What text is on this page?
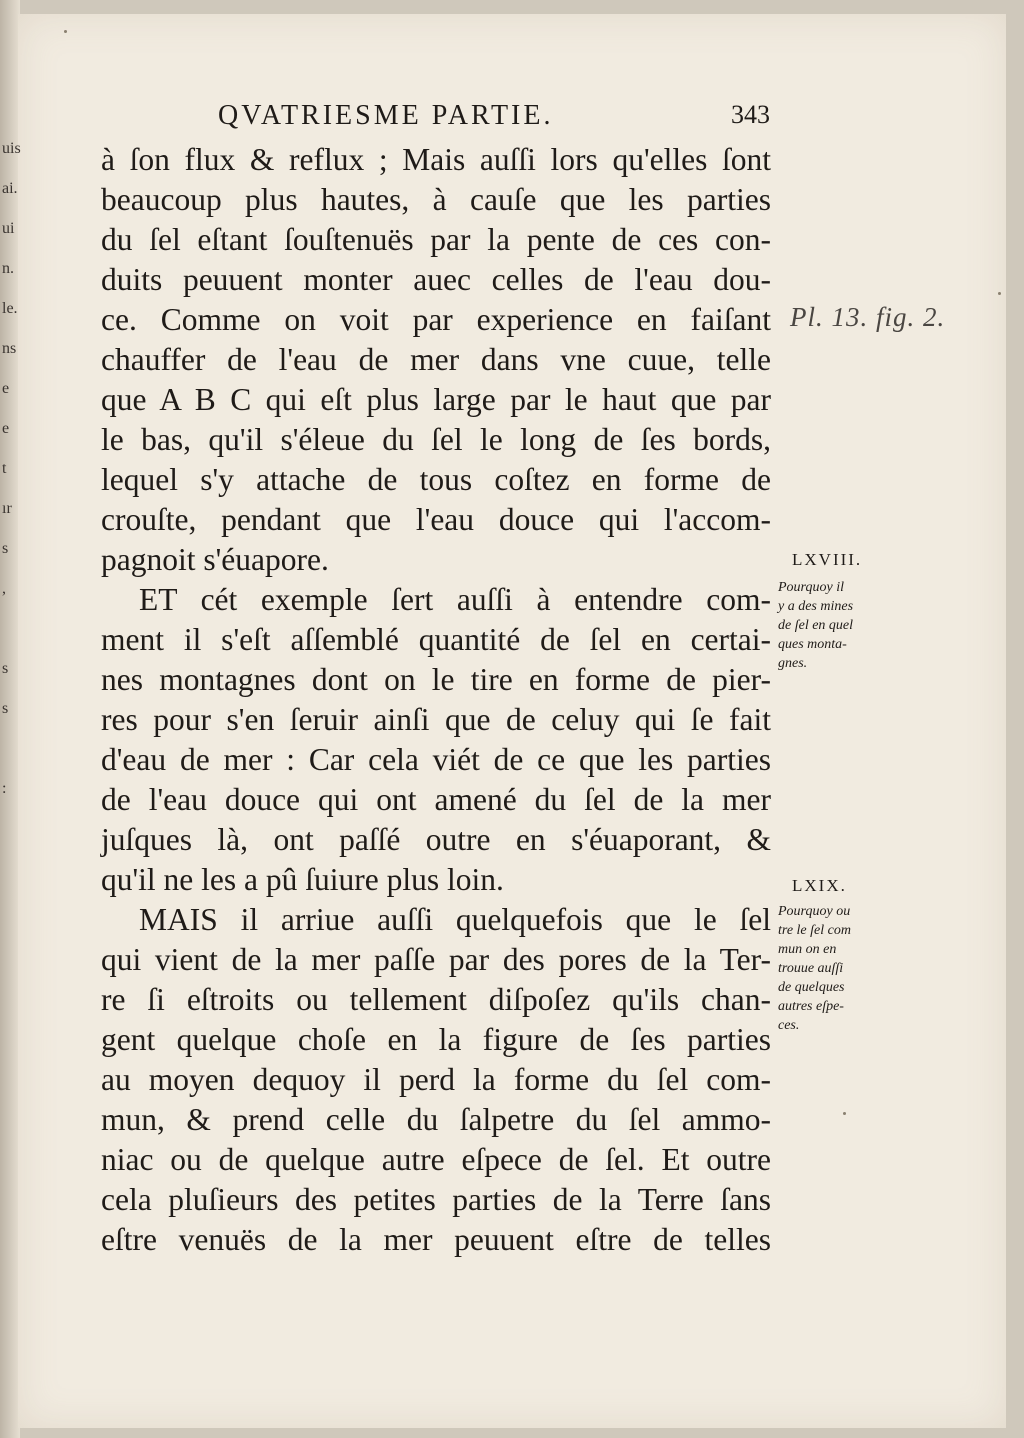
uis
ai.
ui
n.
le.
ns
e
e
t
ır
s
,
s
s
:
QVATRIESME PARTIE.	343
à ſon flux & reflux ; Mais auſſi lors qu'elles ſont
beaucoup plus hautes, à cauſe que les parties
du ſel eſtant ſouſtenuës par la pente de ces con-
duits peuuent monter auec celles de l'eau dou-
ce. Comme on voit par experience en faiſant
chauffer de l'eau de mer dans vne cuue, telle
que A B C qui eſt plus large par le haut que par
le bas, qu'il s'éleue du ſel le long de ſes bords,
lequel s'y attache de tous coſtez en forme de
crouſte, pendant que l'eau douce qui l'accom-
pagnoit s'éuapore.
ET cét exemple ſert auſſi à entendre com-
ment il s'eſt aſſemblé quantité de ſel en certai-
nes montagnes dont on le tire en forme de pier-
res pour s'en ſeruir ainſi que de celuy qui ſe fait
d'eau de mer : Car cela viét de ce que les parties
de l'eau douce qui ont amené du ſel de la mer
juſques là, ont paſſé outre en s'éuaporant, &
qu'il ne les a pû ſuiure plus loin.
MAIS il arriue auſſi quelquefois que le ſel
qui vient de la mer paſſe par des pores de la Ter-
re ſi eſtroits ou tellement diſpoſez qu'ils chan-
gent quelque choſe en la figure de ſes parties
au moyen dequoy il perd la forme du ſel com-
mun, & prend celle du ſalpetre du ſel ammo-
niac ou de quelque autre eſpece de ſel. Et outre
cela pluſieurs des petites parties de la Terre ſans
eſtre venuës de la mer peuuent eſtre de telles
Pl. 13. fig. 2.
LXVIII.
Pourquoy il
y a des mines
de ſel en quel
ques monta-
gnes.
LXIX.
Pourquoy ou
tre le ſel com
mun on en
trouue auſſi
de quelques
autres eſpe-
ces.
